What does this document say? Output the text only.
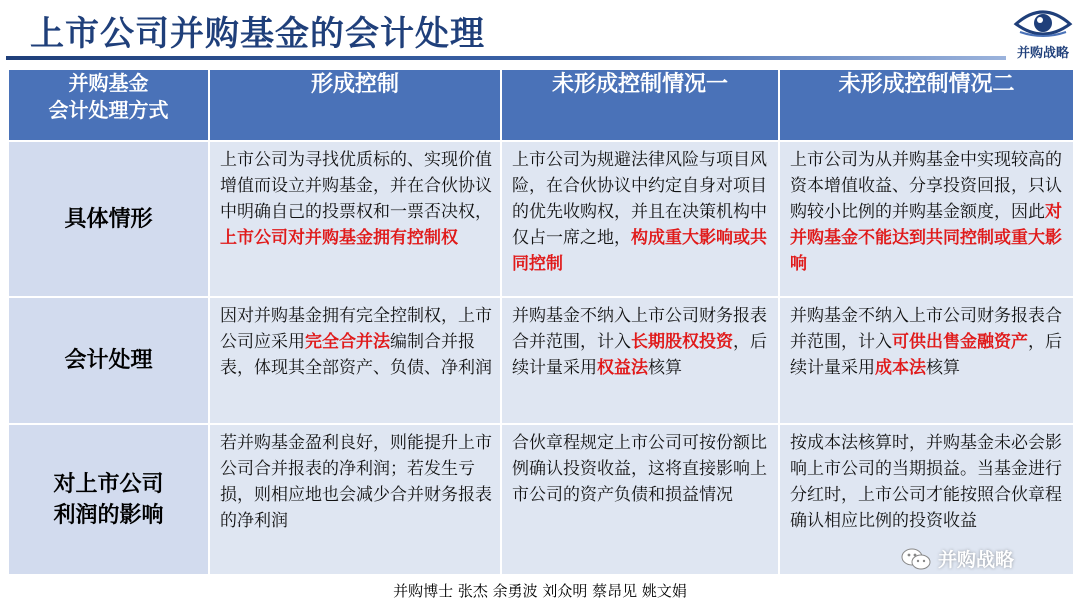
上市公司并购基金的会计处理	并购战略
并购基金
会计处理方式	形成控制	未形成控制情况一	未形成控制情况二
具体情形	上市公司为寻找优质标的、实现价值增值而设立并购基金，并在合伙协议中明确自己的投票权和一票否决权，上市公司对并购基金拥有控制权	上市公司为规避法律风险与项目风险，在合伙协议中约定自身对项目的优先收购权，并且在决策机构中仅占一席之地，构成重大影响或共同控制	上市公司为从并购基金中实现较高的资本增值收益、分享投资回报，只认购较小比例的并购基金额度，因此对并购基金不能达到共同控制或重大影响
会计处理	因对并购基金拥有完全控制权，上市公司应采用完全合并法编制合并报表，体现其全部资产、负债、净利润	并购基金不纳入上市公司财务报表合并范围，计入长期股权投资，后续计量采用权益法核算	并购基金不纳入上市公司财务报表合并范围，计入可供出售金融资产，后续计量采用成本法核算
对上市公司
利润的影响	若并购基金盈利良好，则能提升上市公司合并报表的净利润；若发生亏损，则相应地也会减少合并财务报表的净利润	合伙章程规定上市公司可按份额比例确认投资收益，这将直接影响上市公司的资产负债和损益情况	按成本法核算时，并购基金未必会影响上市公司的当期损益。当基金进行分红时，上市公司才能按照合伙章程确认相应比例的投资收益
并购战略
并购博士 张杰 余勇波 刘众明 蔡昂见 姚文娟
